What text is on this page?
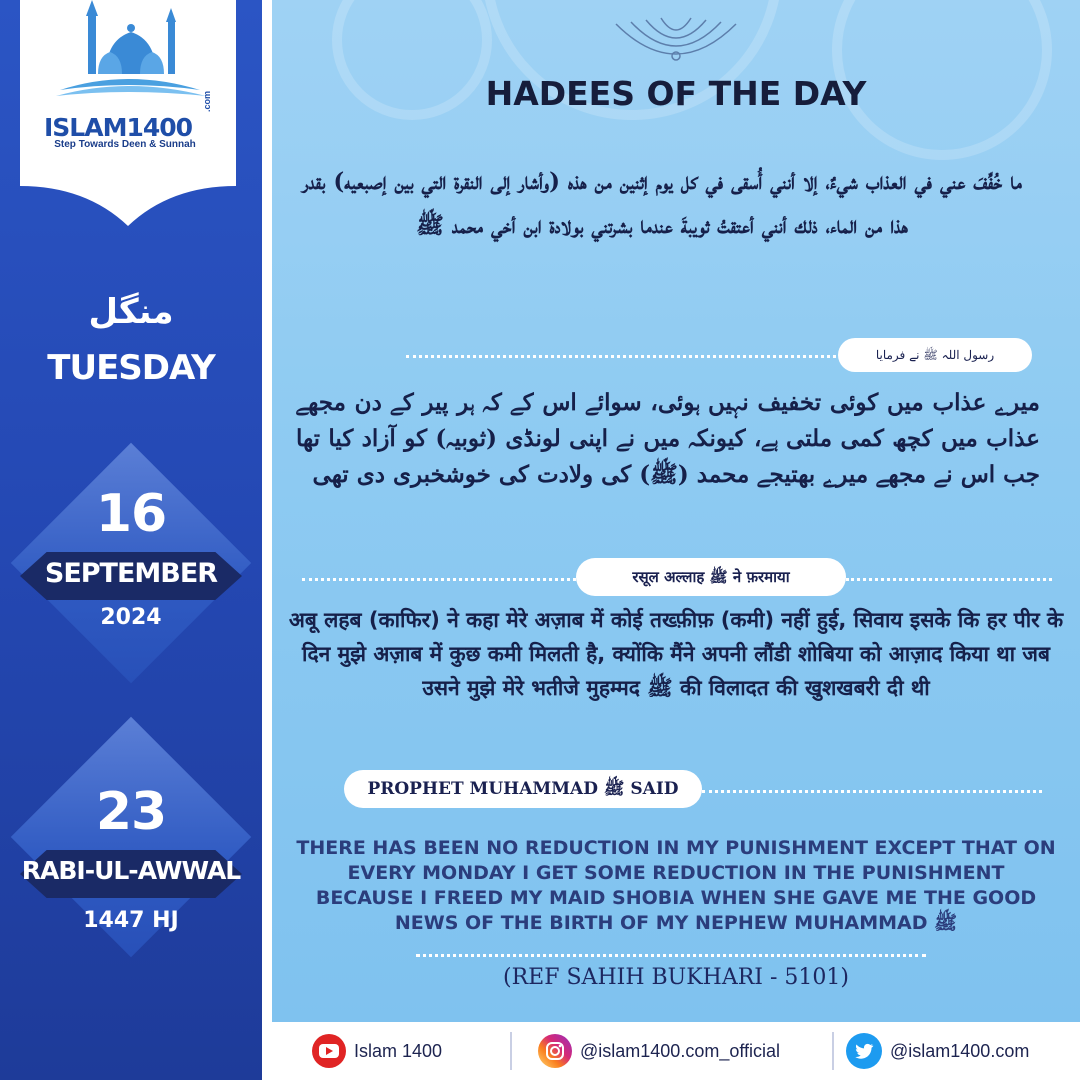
ISLAM1400
.com
Step Towards Deen & Sunnah
منگل
TUESDAY
16
SEPTEMBER
2024
23
RABI-UL-AWWAL
1447 HJ
HADEES OF THE DAY
ما خُفِّفَ عني في العذاب شيءٌ، إلا أنني أُسقى في كل يوم إثنين من هذه (وأشار إلى النقرة التي بين إصبعيه) بقدر هذا من الماء، ذلك أنني أعتقتُ ثويبةَ عندما بشرتني بولادة ابن أخي محمد ﷺ
رسول اللہ ﷺ نے فرمایا
میرے عذاب میں کوئی تخفیف نہیں ہوئی، سوائے اس کے کہ ہر پیر کے دن مجھے عذاب میں کچھ کمی ملتی ہے، کیونکہ میں نے اپنی لونڈی (ثوبیہ) کو آزاد کیا تھا جب اس نے مجھے میرے بھتیجے محمد (ﷺ) کی ولادت کی خوشخبری دی تھی
रसूल अल्लाह ﷺ ने फ़रमाया
अबू लहब (काफिर) ने कहा मेरे अज़ाब में कोई तख्फ़ीफ़ (कमी) नहीं हुई, सिवाय इसके कि हर पीर के दिन मुझे अज़ाब में कुछ कमी मिलती है, क्योंकि मैंने अपनी लौंडी शोबिया को आज़ाद किया था जब उसने मुझे मेरे भतीजे मुहम्मद ﷺ की विलादत की खुशखबरी दी थी
PROPHET MUHAMMAD ﷺ SAID
THERE HAS BEEN NO REDUCTION IN MY PUNISHMENT EXCEPT THAT ON EVERY MONDAY I GET SOME REDUCTION IN THE PUNISHMENT BECAUSE I FREED MY MAID SHOBIA WHEN SHE GAVE ME THE GOOD NEWS OF THE BIRTH OF MY NEPHEW MUHAMMAD ﷺ
(REF SAHIH BUKHARI - 5101)
Islam 1400	@islam1400.com_official	@islam1400.com
